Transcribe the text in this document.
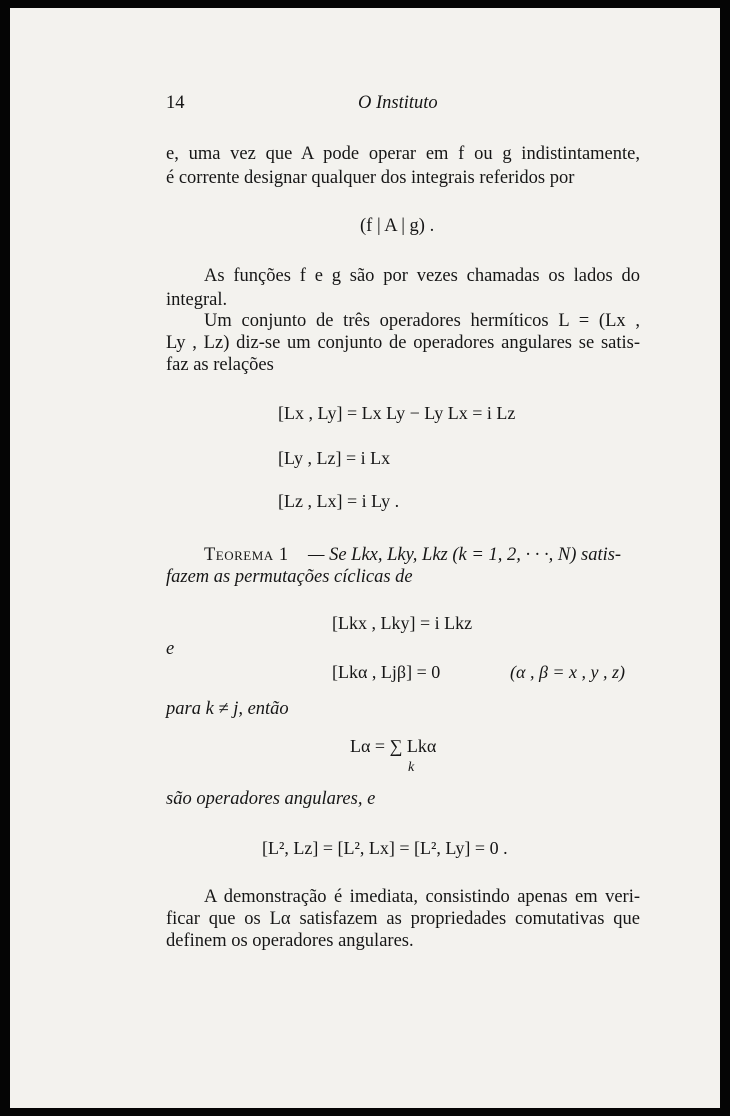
14	O Instituto
e, uma vez que A pode operar em f ou g indistintamente,
é corrente designar qualquer dos integrais referidos por
(f | A | g) .
As funções f e g são por vezes chamadas os lados do
integral.
Um conjunto de três operadores hermíticos L = (Lx ,
Ly , Lz) diz-se um conjunto de operadores angulares se satis-
faz as relações
[Lx , Ly] = Lx Ly − Ly Lx = i Lz
[Ly , Lz] = i Lx
[Lz , Lx] = i Ly .
Teorema 1 — Se Lkx, Lky, Lkz (k = 1, 2, · · ·, N) satis-
fazem as permutações cíclicas de
[Lkx , Lky] = i Lkz
e
[Lkα , Ljβ] = 0	(α , β = x , y , z)
para k ≠ j, então
Lα = ∑ Lkα
k
são operadores angulares, e
[L², Lz] = [L², Lx] = [L², Ly] = 0 .
A demonstração é imediata, consistindo apenas em veri-
ficar que os Lα satisfazem as propriedades comutativas que
definem os operadores angulares.
